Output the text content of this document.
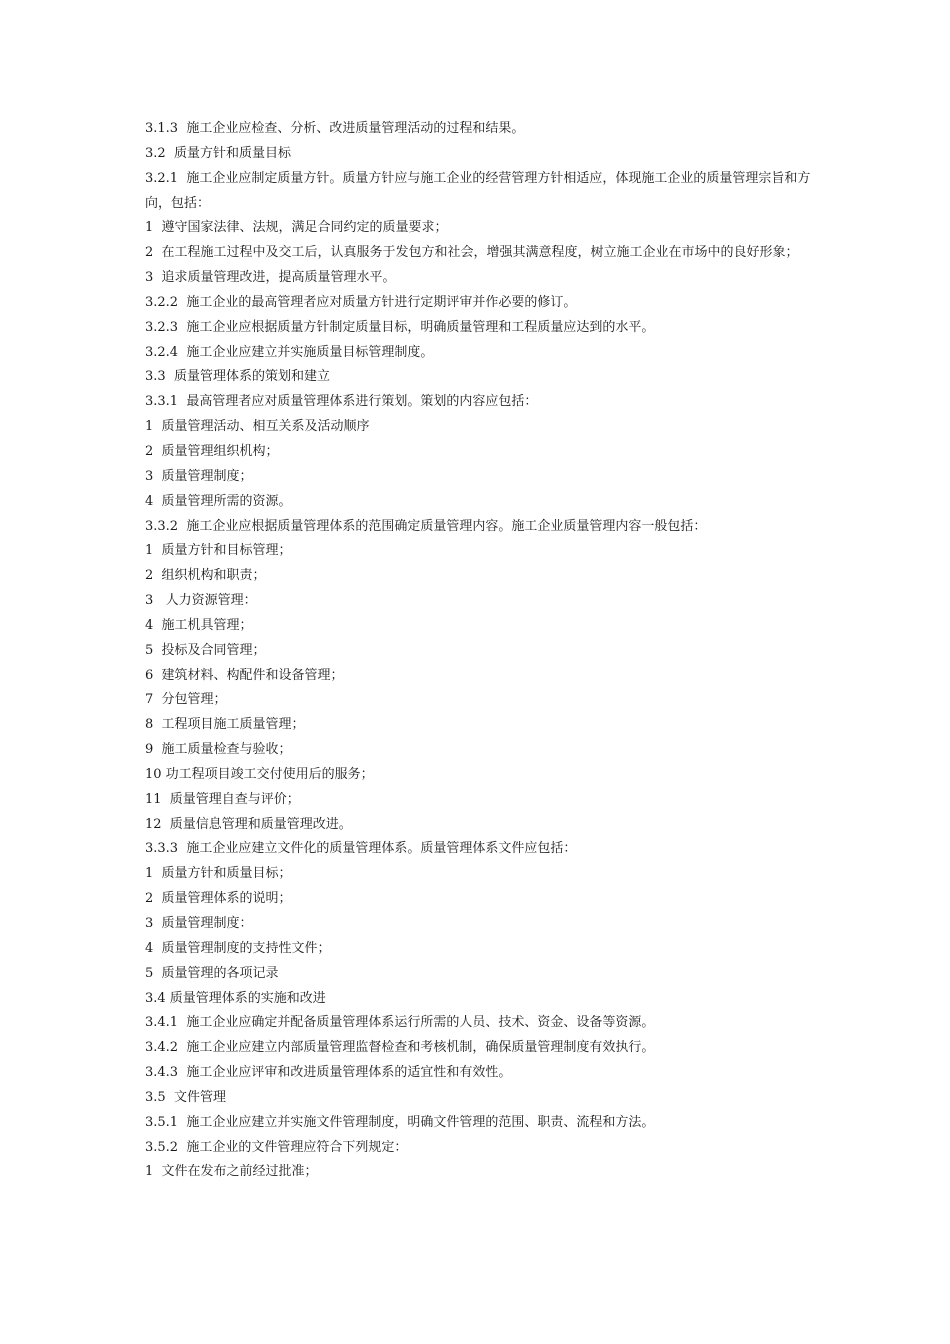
3.1.3  施工企业应检查、分析、改进质量管理活动的过程和结果。

3.2  质量方针和质量目标

3.2.1  施工企业应制定质量方针。质量方针应与施工企业的经营管理方针相适应，体现施工企业的质量管理宗旨和方向，包括：

1  遵守国家法律、法规，满足合同约定的质量要求；

2  在工程施工过程中及交工后，认真服务于发包方和社会，增强其满意程度，树立施工企业在市场中的良好形象；

3  追求质量管理改进，提高质量管理水平。

3.2.2  施工企业的最高管理者应对质量方针进行定期评审并作必要的修订。

3.2.3  施工企业应根据质量方针制定质量目标，明确质量管理和工程质量应达到的水平。

3.2.4  施工企业应建立并实施质量目标管理制度。

3.3  质量管理体系的策划和建立

3.3.1  最高管理者应对质量管理体系进行策划。策划的内容应包括：

1  质量管理活动、相互关系及活动顺序

2  质量管理组织机构；

3  质量管理制度；

4  质量管理所需的资源。

3.3.2  施工企业应根据质量管理体系的范围确定质量管理内容。施工企业质量管理内容一般包括：

1  质量方针和目标管理；

2  组织机构和职责；

3   人力资源管理：

4  施工机具管理；

5  投标及合同管理；

6  建筑材料、构配件和设备管理；

7  分包管理；

8  工程项目施工质量管理；

9  施工质量检查与验收；

10 功工程项目竣工交付使用后的服务；

11  质量管理自查与评价；

12  质量信息管理和质量管理改进。

3.3.3  施工企业应建立文件化的质量管理体系。质量管理体系文件应包括：

1  质量方针和质量目标；

2  质量管理体系的说明；

3  质量管理制度：

4  质量管理制度的支持性文件；

5  质量管理的各项记录

3.4 质量管理体系的实施和改进

3.4.1  施工企业应确定并配备质量管理体系运行所需的人员、技术、资金、设备等资源。

3.4.2  施工企业应建立内部质量管理监督检查和考核机制，确保质量管理制度有效执行。

3.4.3  施工企业应评审和改进质量管理体系的适宜性和有效性。

3.5  文件管理

3.5.1  施工企业应建立并实施文件管理制度，明确文件管理的范围、职责、流程和方法。

3.5.2  施工企业的文件管理应符合下列规定：

1  文件在发布之前经过批准；
